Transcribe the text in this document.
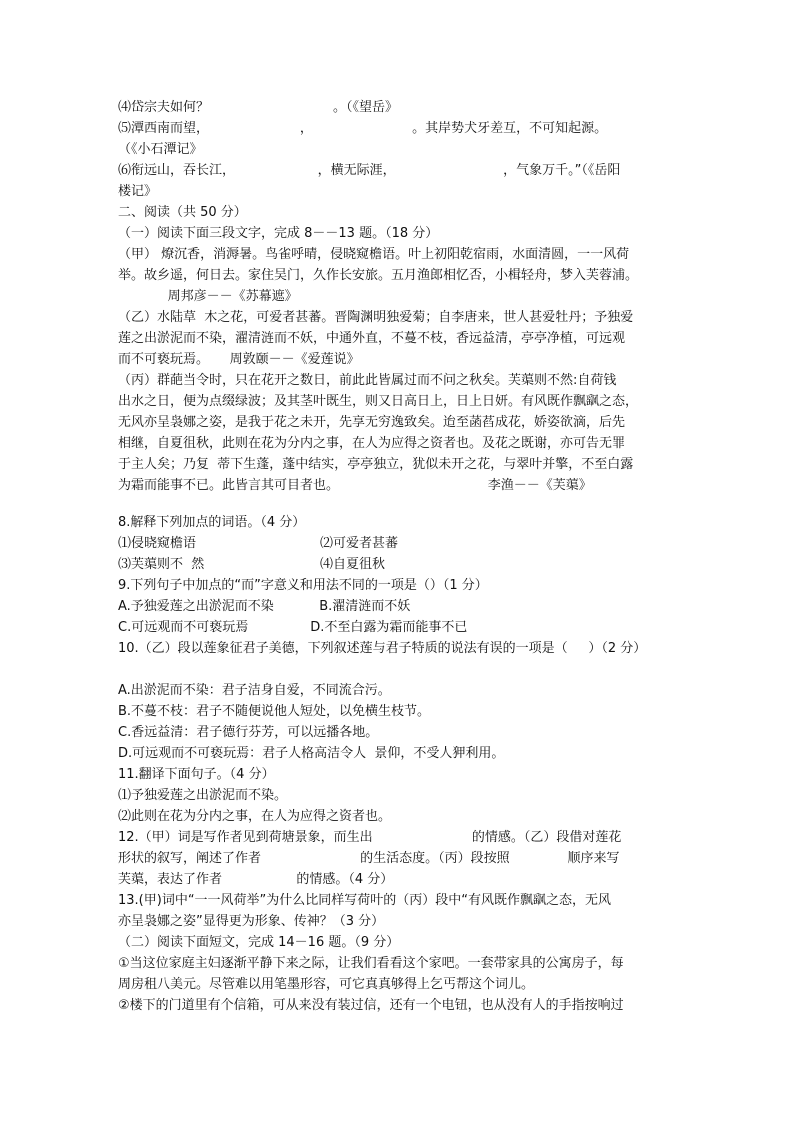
⑷岱宗夫如何？                              。（《望岳》
⑸潭西南而望，                      ，                        。其岸势犬牙差互，不可知起源。
（《小石潭记》
⑹衔远山，吞长江，                    ，横无际涯，                          ，气象万千。”（《岳阳
楼记》
二、阅读（共 50 分）
（一）阅读下面三段文字，完成 8－－13 题。（18 分）
（甲） 燎沉香，消溽暑。鸟雀呼晴，侵晓窥檐语。叶上初阳乾宿雨，水面清圆，一一风荷
举。故乡遥，何日去。家住吴门，久作长安旅。五月渔郎相忆否，小楫轻舟，梦入芙蓉浦。
周邦彦－－《苏幕遮》
（乙）水陆草  木之花，可爱者甚蕃。晋陶渊明独爱菊；自李唐来，世人甚爱牡丹；予独爱
莲之出淤泥而不染，濯清涟而不妖，中通外直，不蔓不枝，香远益清，亭亭净植，可远观
而不可亵玩焉。     周敦颐－－《爱莲说》
（丙）群葩当令时，只在花开之数日，前此此皆属过而不问之秋矣。芙蕖则不然:自荷钱
出水之日，便为点缀绿波；及其茎叶既生，则又日高日上，日上日妍。有风既作飘飖之态，
无风亦呈袅娜之姿，是我于花之未开，先享无穷逸致矣。迨至菡萏成花，娇姿欲滴，后先
相继，自夏徂秋，此则在花为分内之事，在人为应得之资者也。及花之既谢，亦可告无罪
于主人矣；乃复  蒂下生蓬，蓬中结实，亭亭独立，犹似未开之花，与翠叶并擎，不至白露
为霜而能事不已。此皆言其可目者也。                                    李渔－－《芙蕖》
8.解释下列加点的词语。（4 分）
⑴侵晓窥檐语                              ⑵可爱者甚蕃
⑶芙蕖则不  然                            ⑷自夏徂秋
9.下列句子中加点的“而”字意义和用法不同的一项是（）（1 分）
A.予独爱莲之出淤泥而不染           B.濯清涟而不妖
C.可远观而不可亵玩焉               D.不至白露为霜而能事不已
10.（乙）段以莲象征君子美德，下列叙述莲与君子特质的说法有误的一项是（     ）（2 分）
A.出淤泥而不染：君子洁身自爱，不同流合污。
B.不蔓不枝：君子不随便说他人短处，以免横生枝节。
C.香远益清：君子德行芬芳，可以远播各地。
D.可远观而不可亵玩焉：君子人格高洁令人  景仰，不受人狎利用。
11.翻译下面句子。（4 分）
⑴予独爱莲之出淤泥而不染。
⑵此则在花为分内之事，在人为应得之资者也。
12.（甲）词是写作者见到荷塘景象，而生出                        的情感。（乙）段借对莲花
形状的叙写，阐述了作者                        的生活态度。（丙）段按照              顺序来写
芙蕖，表达了作者                  的情感。（4 分）
13.(甲)词中“一一风荷举”为什么比同样写荷叶的（丙）段中“有风既作飘飖之态，无风
亦呈袅娜之姿”显得更为形象、传神？（3 分）
（二）阅读下面短文，完成 14－16 题。（9 分）
①当这位家庭主妇逐渐平静下来之际，让我们看看这个家吧。一套带家具的公寓房子，每
周房租八美元。尽管难以用笔墨形容，可它真真够得上乞丐帮这个词儿。
②楼下的门道里有个信箱，可从来没有装过信，还有一个电钮，也从没有人的手指按响过
